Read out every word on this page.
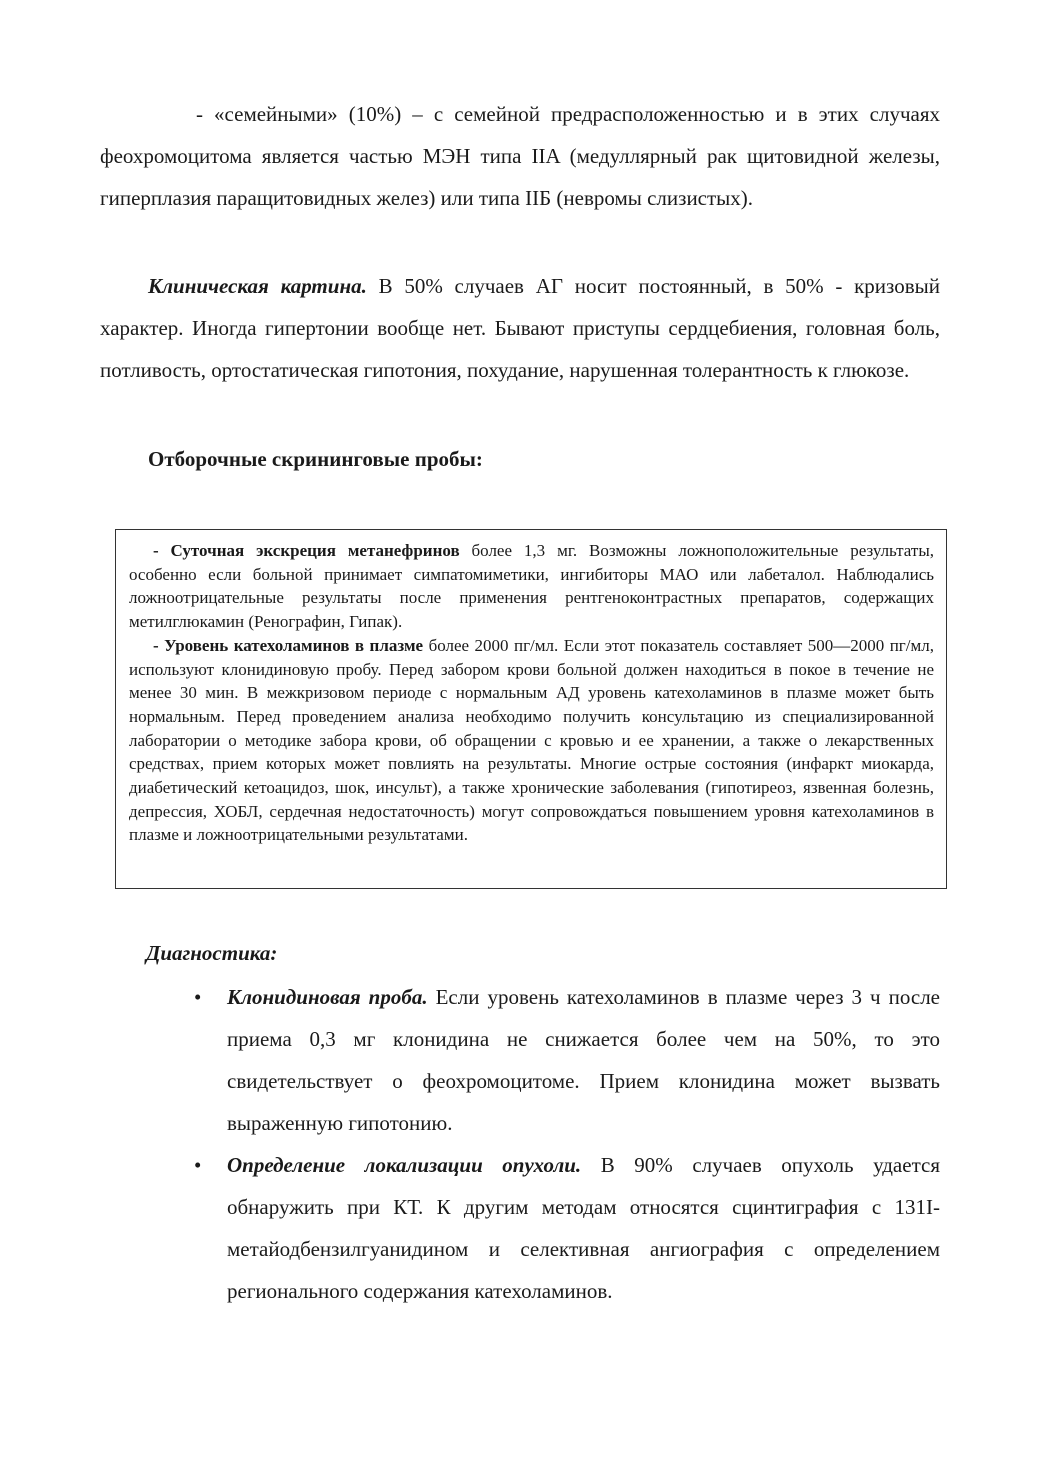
- «семейными» (10%) – с семейной предрасположенностью и в этих случаях феохромоцитома является частью МЭН типа IIA (медуллярный рак щитовидной железы, гиперплазия паращитовидных желез) или типа IIБ (невромы слизистых).

Клиническая картина. В 50% случаев АГ носит постоянный, в 50% - кризовый характер. Иногда гипертонии вообще нет. Бывают приступы сердцебиения, головная боль, потливость, ортостатическая гипотония, похудание, нарушенная толерантность к глюкозе.

Отборочные скрининговые пробы:

- Суточная экскреция метанефринов более 1,3 мг. Возможны ложноположительные результаты, особенно если больной принимает симпатомиметики, ингибиторы МАО или лабеталол. Наблюдались ложноотрицательные результаты после применения рентгеноконтрастных препаратов, содержащих метилглюкамин (Ренографин, Гипак).

- Уровень катехоламинов в плазме более 2000 пг/мл. Если этот показатель составляет 500—2000 пг/мл, используют клонидиновую пробу. Перед забором крови больной должен находиться в покое в течение не менее 30 мин. В межкризовом периоде с нормальным АД уровень катехоламинов в плазме может быть нормальным. Перед проведением анализа необходимо получить консультацию из специализированной лаборатории о методике забора крови, об обращении с кровью и ее хранении, а также о лекарственных средствах, прием которых может повлиять на результаты. Многие острые состояния (инфаркт миокарда, диабетический кетоацидоз, шок, инсульт), а также хронические заболевания (гипотиреоз, язвенная болезнь, депрессия, ХОБЛ, сердечная недостаточность) могут сопровождаться повышением уровня катехоламинов в плазме и ложноотрицательными результатами.

Диагностика:

• Клонидиновая проба. Если уровень катехоламинов в плазме через 3 ч после приема 0,3 мг клонидина не снижается более чем на 50%, то это свидетельствует о феохромоцитоме. Прием клонидина может вызвать выраженную гипотонию.

• Определение локализации опухоли. В 90% случаев опухоль удается обнаружить при КТ. К другим методам относятся сцинтиграфия с 131I-метайодбензилгуанидином и селективная ангиография с определением регионального содержания катехоламинов.
